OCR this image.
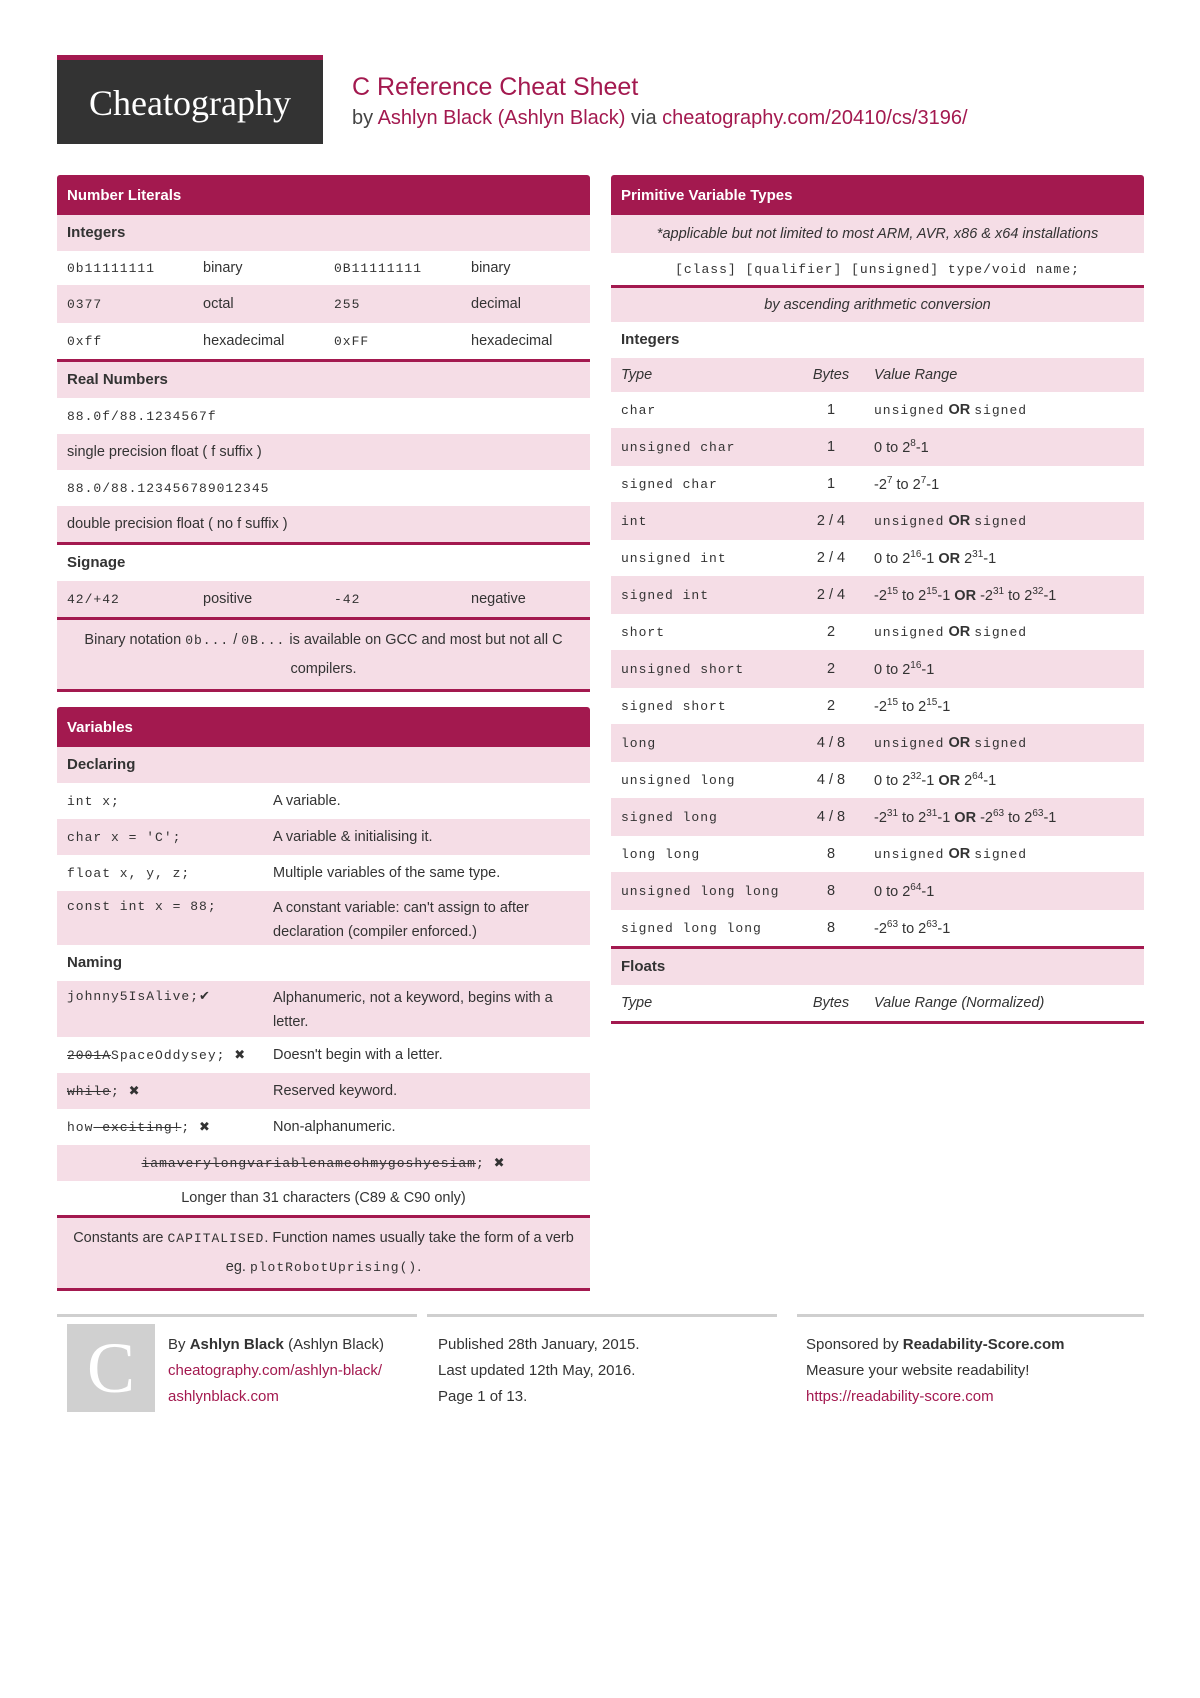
Cheatography	C Reference Cheat Sheet
by Ashlyn Black (Ashlyn Black) via cheatography.com/20410/cs/3196/
Number Literals
Integers
0b11111111	binary	0B11111111	binary
0377	octal	255	decimal
0xff	hexadecimal	0xFF	hexadecimal
Real Numbers
88.0f/88.1234567f
single precision float ( f suffix )
88.0/88.123456789012345
double precision float ( no f suffix )
Signage
42/+42	positive	-42	negative
Binary notation 0b... / 0B... is available on GCC and most but not all C compilers.
Variables
Declaring
int x;	A variable.
char x = 'C';	A variable & initialising it.
float x, y, z;	Multiple variables of the same type.
const int x = 88;	A constant variable: can't assign to after declaration (compiler enforced.)
Naming
johnny5IsAlive;✔	Alphanumeric, not a keyword, begins with a letter.
2001ASpaceOddysey; ✖	Doesn't begin with a letter.
while; ✖	Reserved keyword.
how-exciting!; ✖	Non-alphanumeric.
iamaverylongvariablenameohmygoshyesiam; ✖
Longer than 31 characters (C89 & C90 only)
Constants are CAPITALISED. Function names usually take the form of a verb eg. plotRobotUprising().
Primitive Variable Types
*applicable but not limited to most ARM, AVR, x86 & x64 installations
[class] [qualifier] [unsigned] type/void name;
by ascending arithmetic conversion
Integers
Type	Bytes	Value Range
char	1	unsigned OR signed
unsigned char	1	0 to $2^8-1$
signed char	1	$-2^7$ to $2^7-1$
int	2 / 4	unsigned OR signed
unsigned int	2 / 4	0 to $2^{16}-1$ OR $2^{31}-1$
signed int	2 / 4	$-2^{15}$ to $2^{15}-1$ OR $-2^{31}$ to $2^{32}-1$
short	2	unsigned OR signed
unsigned short	2	0 to $2^{16}-1$
signed short	2	$-2^{15}$ to $2^{15}-1$
long	4 / 8	unsigned OR signed
unsigned long	4 / 8	0 to $2^{32}-1$ OR $2^{64}-1$
signed long	4 / 8	$-2^{31}$ to $2^{31}-1$ OR $-2^{63}$ to $2^{63}-1$
long long	8	unsigned OR signed
unsigned long long	8	0 to $2^{64}-1$
signed long long	8	$-2^{63}$ to $2^{63}-1$
Floats
Type	Bytes	Value Range (Normalized)
C	By Ashlyn Black (Ashlyn Black)
cheatography.com/ashlyn-black/
ashlynblack.com
Published 28th January, 2015.
Last updated 12th May, 2016.
Page 1 of 13.
Sponsored by Readability-Score.com
Measure your website readability!
https://readability-score.com
